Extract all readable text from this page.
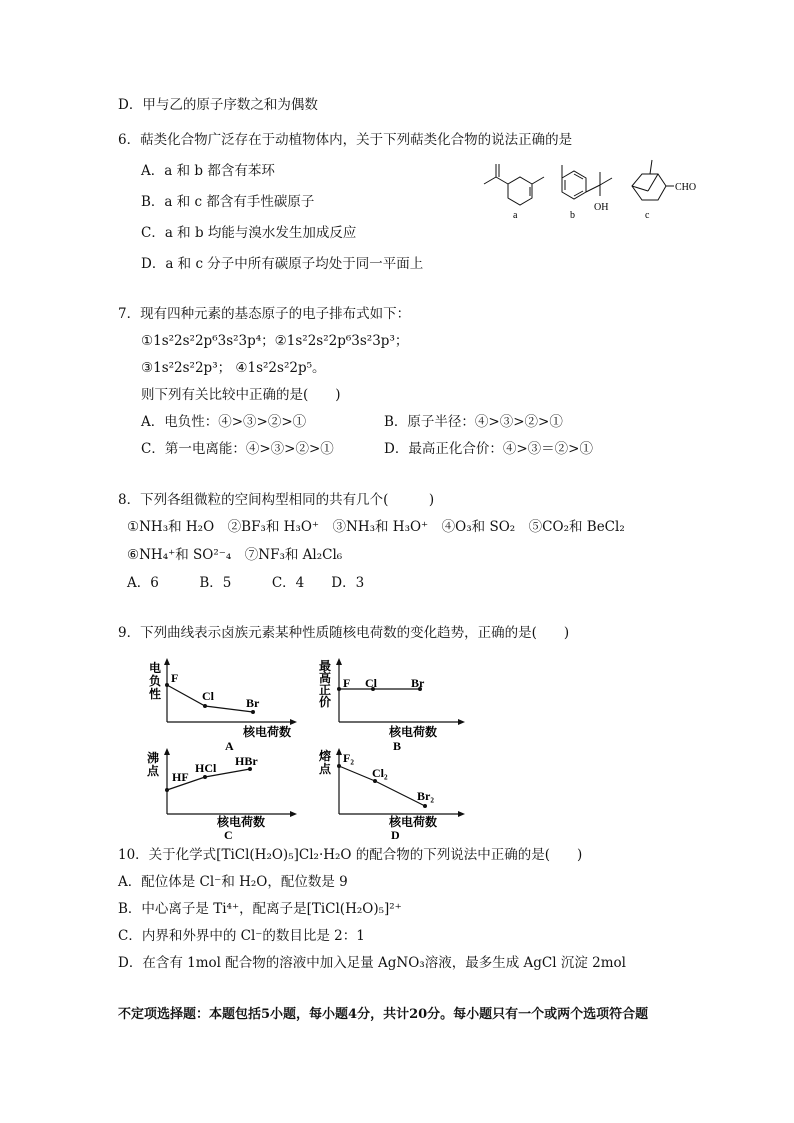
D．甲与乙的原子序数之和为偶数
6．萜类化合物广泛存在于动植物体内，关于下列萜类化合物的说法正确的是
A．a 和 b 都含有苯环
B．a 和 c 都含有手性碳原子
C．a 和 b 均能与溴水发生加成反应
D．a 和 c 分子中所有碳原子均处于同一平面上
a	b
OH
c
CHO
7．现有四种元素的基态原子的电子排布式如下：
①1s²2s²2p⁶3s²3p⁴；②1s²2s²2p⁶3s²3p³；
③1s²2s²2p³； ④1s²2s²2p⁵。
则下列有关比较中正确的是(　　)
A．电负性：④>③>②>①	B．原子半径：④>③>②>①
C．第一电离能：④>③>②>①	D．最高正化合价：④>③＝②>①
8．下列各组微粒的空间构型相同的共有几个(　　　)
①NH₃和 H₂O　②BF₃和 H₃O⁺　③NH₃和 H₃O⁺　④O₃和 SO₂　⑤CO₂和 BeCl₂
⑥NH₄⁺和 SO²⁻₄　⑦NF₃和 Al₂Cl₆
A．6　　　B．5　　　C．4　　D．3
9．下列曲线表示卤族元素某种性质随核电荷数的变化趋势，正确的是(　　)
电
负
性
F
Cl	Br
核电荷数
A
最
高
正
价
F Cl	Br
核电荷数
B
沸
点 HF
HCl HBr
核电荷数
C
熔
点
F₂
Cl₂
Br₂
核电荷数
D
10．关于化学式[TiCl(H₂O)₅]Cl₂·H₂O 的配合物的下列说法中正确的是(　　)
A．配位体是 Cl⁻和 H₂O，配位数是 9
B．中心离子是 Ti⁴⁺，配离子是[TiCl(H₂O)₅]²⁺
C．内界和外界中的 Cl⁻的数目比是 2：1
D．在含有 1mol 配合物的溶液中加入足量 AgNO₃溶液，最多生成 AgCl 沉淀 2mol
不定项选择题：本题包括5小题，每小题4分，共计20分。每小题只有一个或两个选项符合题
